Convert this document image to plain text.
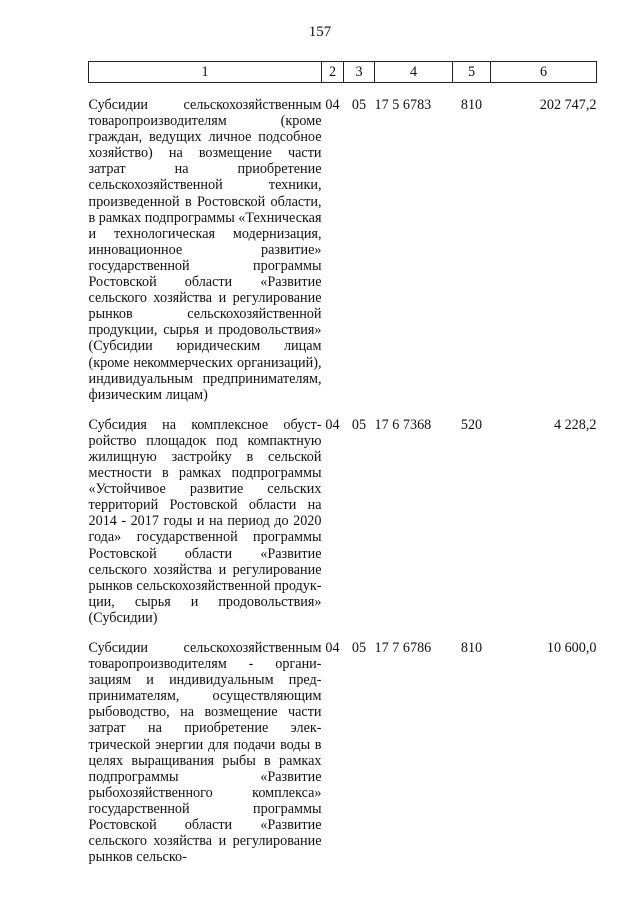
157
1	2	3	4	5	6

Субсидии сельскохозяйственным товаропроизводителям (кроме граждан, ведущих личное подсобное хозяйство) на возмещение части затрат на приобретение сельскохозяйственной техники, произведенной в Ростовской области, в рамках подпрограммы «Техническая и технологическая модернизация, инновационное развитие» государственной программы Ростовской области «Развитие сельского хозяйства и регулирование рынков сельскохозяйственной продукции, сырья и продовольствия» (Субсидии юридическим лицам (кроме некоммерческих организаций), индивидуальным предпринимателям, физическим лицам)	04	05	17 5 6783	810	202 747,2

Субсидия на комплексное обустройство площадок под компактную жилищную застройку в сельской местности в рамках подпрограммы «Устойчивое развитие сельских территорий Ростовской области на 2014 - 2017 годы и на период до 2020 года» государственной программы Ростовской области «Развитие сельского хозяйства и регулирование рынков сельскохозяйственной продукции, сырья и продовольствия» (Субсидии)	04	05	17 6 7368	520	4 228,2

Субсидии сельскохозяйственным товаропроизводителям - организациям и индивидуальным предпринимателям, осуществляющим рыбоводство, на возмещение части затрат на приобретение электрической энергии для подачи воды в целях выращивания рыбы в рамках подпрограммы «Развитие рыбохозяйственного комплекса» государственной программы Ростовской области «Развитие сельского хозяйства и регулирование рынков сельско-	04	05	17 7 6786	810	10 600,0
